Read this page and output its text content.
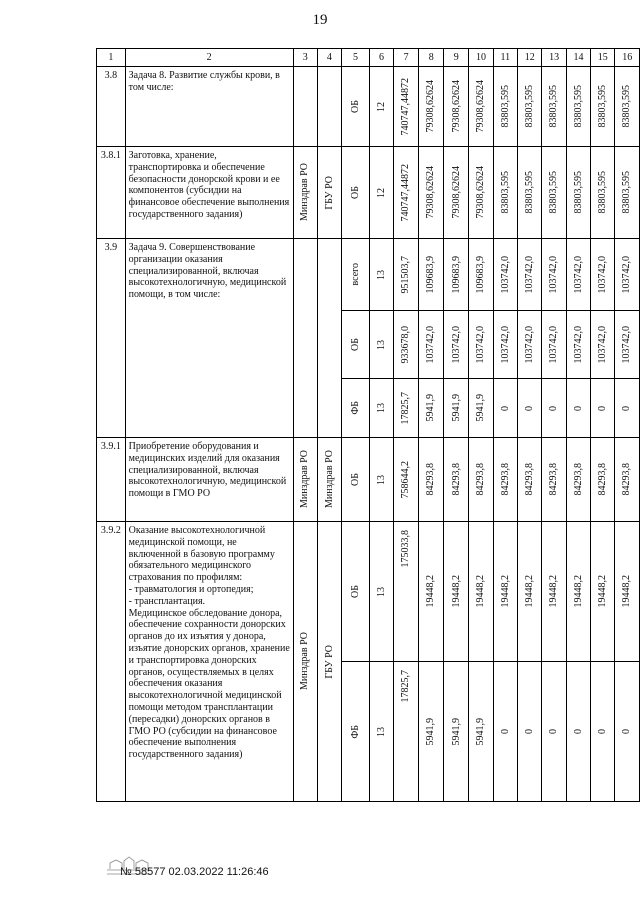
19
1	2	3	4	5	6	7	8	9	10	11	12	13	14	15	16
3.8	Задача 8. Развитие службы крови, в том числе:			ОБ	12	740747,44872	79308,62624	79308,62624	79308,62624	83803,595	83803,595	83803,595	83803,595	83803,595	83803,595

3.8.1	Заготовка, хранение, транспортировка и обеспечение безопасности донорской крови и ее компонентов (субсидии на финансовое обеспечение выполнения государственного задания)	Минздрав РО	ГБУ РО	ОБ	12	740747,44872	79308,62624	79308,62624	79308,62624	83803,595	83803,595	83803,595	83803,595	83803,595	83803,595

3.9	Задача 9. Совершенствование организации оказания специализированной, включая высокотехнологичную, медицинской помощи, в том числе:			всего	13	951503,7	109683,9	109683,9	109683,9	103742,0	103742,0	103742,0	103742,0	103742,0	103742,0

				ОБ	13	933678,0	103742,0	103742,0	103742,0	103742,0	103742,0	103742,0	103742,0	103742,0	103742,0

				ФБ	13	17825,7	5941,9	5941,9	5941,9	0	0	0	0	0	0

3.9.1	Приобретение оборудования и медицинских изделий для оказания специализированной, включая высокотехнологичную, медицинской помощи в ГМО РО	Минздрав РО	Минздрав РО	ОБ	13	758644,2	84293,8	84293,8	84293,8	84293,8	84293,8	84293,8	84293,8	84293,8	84293,8

3.9.2	Оказание высокотехнологичной медицинской помощи, не включенной в базовую программу обязательного медицинского страхования по профилям:
- травматология и ортопедия;
- трансплантация.
Медицинское обследование донора, обеспечение сохранности донорских органов до их изъятия у донора, изъятие донорских органов, хранение и транспортировка донорских органов, осуществляемых в целях обеспечения оказания высокотехнологичной медицинской помощи методом трансплантации (пересадки) донорских органов в ГМО РО (субсидии на финансовое обеспечение выполнения государственного задания)	Минздрав РО	ГБУ РО	ОБ	13	175033,8	19448,2	19448,2	19448,2	19448,2	19448,2	19448,2	19448,2	19448,2	19448,2

				ФБ	13	17825,7	5941,9	5941,9	5941,9	0	0	0	0	0	0
№ 58577 02.03.2022 11:26:46
